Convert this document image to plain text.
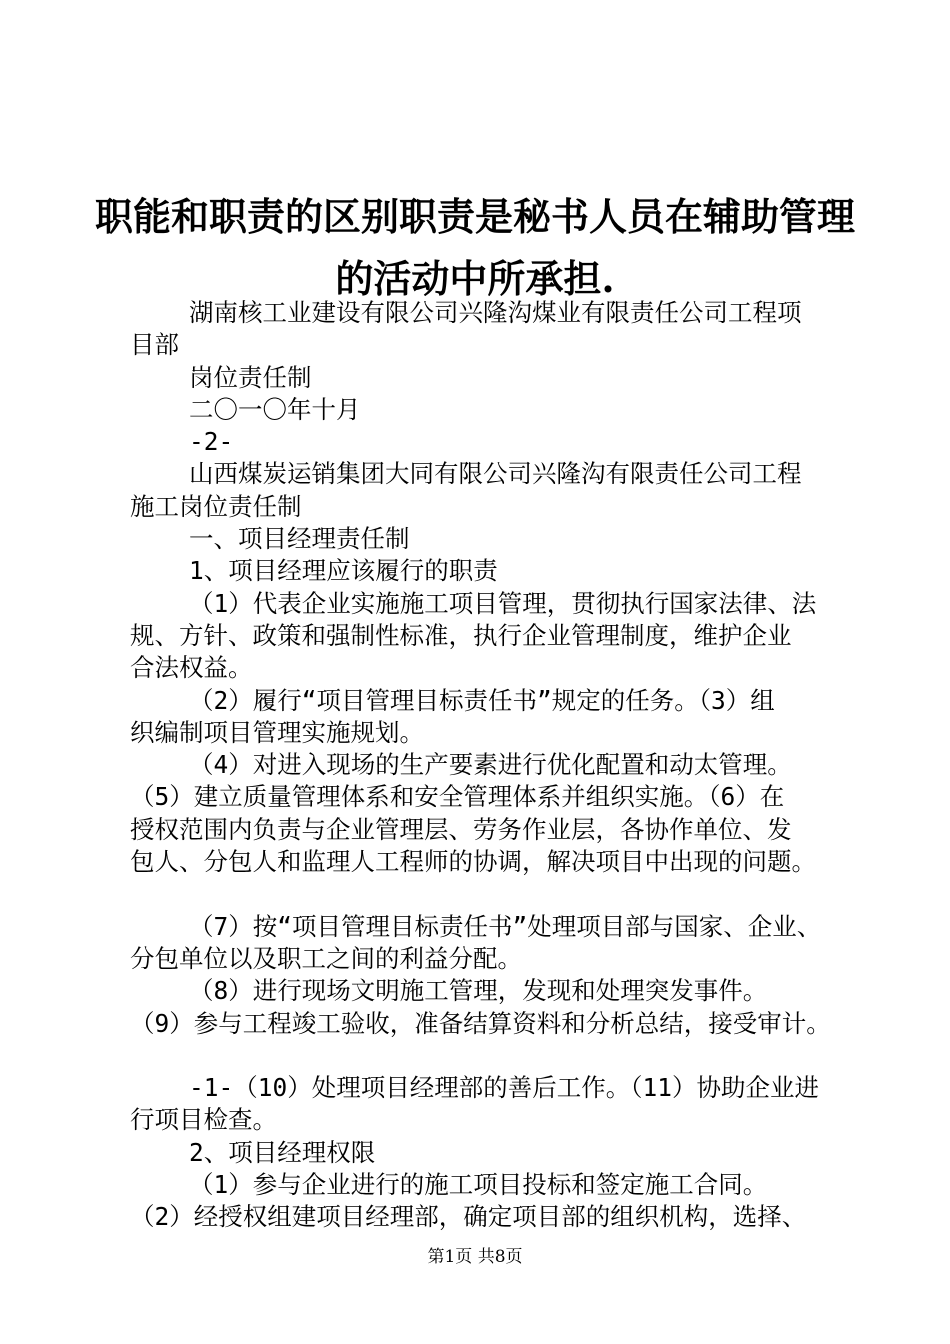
职能和职责的区别职责是秘书人员在辅助管理
的活动中所承担.
湖南核工业建设有限公司兴隆沟煤业有限责任公司工程项
目部
岗位责任制
二〇一〇年十月
-2-
山西煤炭运销集团大同有限公司兴隆沟有限责任公司工程
施工岗位责任制
一、项目经理责任制
1、项目经理应该履行的职责
（1）代表企业实施施工项目管理，贯彻执行国家法律、法
规、方针、政策和强制性标准，执行企业管理制度，维护企业
合法权益。
（2）履行“项目管理目标责任书”规定的任务。（3）组
织编制项目管理实施规划。
（4）对进入现场的生产要素进行优化配置和动太管理。
（5）建立质量管理体系和安全管理体系并组织实施。（6）在
授权范围内负责与企业管理层、劳务作业层，各协作单位、发
包人、分包人和监理人工程师的协调，解决项目中出现的问题。
（7）按“项目管理目标责任书”处理项目部与国家、企业、
分包单位以及职工之间的利益分配。
（8）进行现场文明施工管理，发现和处理突发事件。
（9）参与工程竣工验收，准备结算资料和分析总结，接受审计。
-1-（10）处理项目经理部的善后工作。（11）协助企业进
行项目检查。
2、项目经理权限
（1）参与企业进行的施工项目投标和签定施工合同。
（2）经授权组建项目经理部，确定项目部的组织机构，选择、
第1页 共8页
